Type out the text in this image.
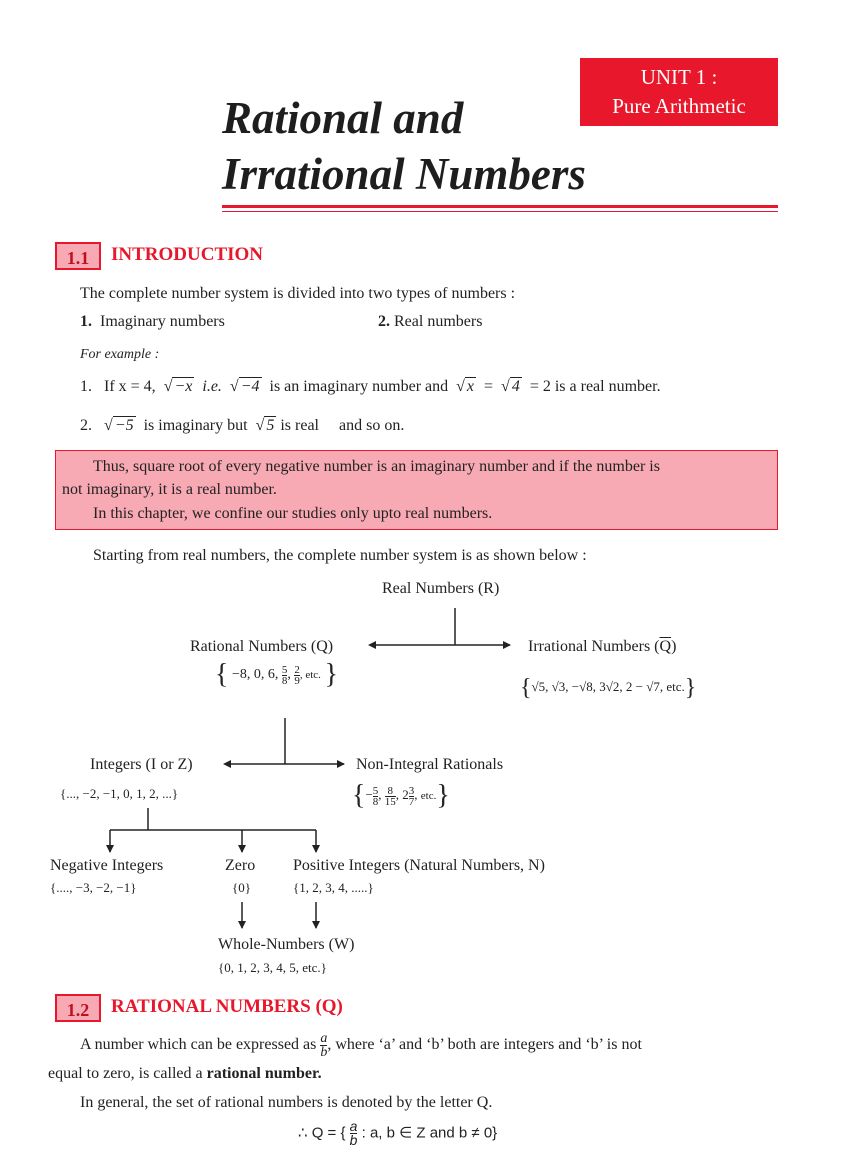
UNIT 1 :
Pure Arithmetic
Rational and
Irrational Numbers
1.1	INTRODUCTION
The complete number system is divided into two types of numbers :
1. Imaginary numbers	2. Real numbers
For example :
1. If x = 4,  √ −x i.e.  √ −4 is an imaginary number and  √ x =  √ 4 = 2 is a real number.
2.   √ −5 is imaginary but  √ 5 is real     and so on.
Thus, square root of every negative number is an imaginary number and if the number is
not imaginary, it is a real number.
In this chapter, we confine our studies only upto real numbers.
Starting from real numbers, the complete number system is as shown below :
Real Numbers (R)
Rational Numbers (Q)
{ −8, 0, 6, $\frac{5}{8}$ , $\frac{2}{9}$ , etc. }
Irrational Numbers $(\overline{Q})$
{√5, √3, −√8, 3√2, 2 − √7, etc.}
Integers (I or Z)
{..., −2, −1, 0, 1, 2, ...}
Non-Integral Rationals
{− $\frac{5}{8}$ , $\frac{8}{15}$ , $2 \frac{3}{7}$ , etc.}
Negative Integers
{...., −3, −2, −1}
Zero
{0}
Positive Integers (Natural Numbers, N)
{1, 2, 3, 4, .....}
Whole-Numbers (W)
{0, 1, 2, 3, 4, 5, etc.}
1.2	RATIONAL NUMBERS (Q)
A number which can be expressed as $\frac{a}{b}$ , where ‘a’ and ‘b’ both are integers and ‘b’ is not
equal to zero, is called a rational number.
In general, the set of rational numbers is denoted by the letter Q.
∴ Q = { $\frac{a}{b}$ : a, b ∈ Z and b ≠ 0}
